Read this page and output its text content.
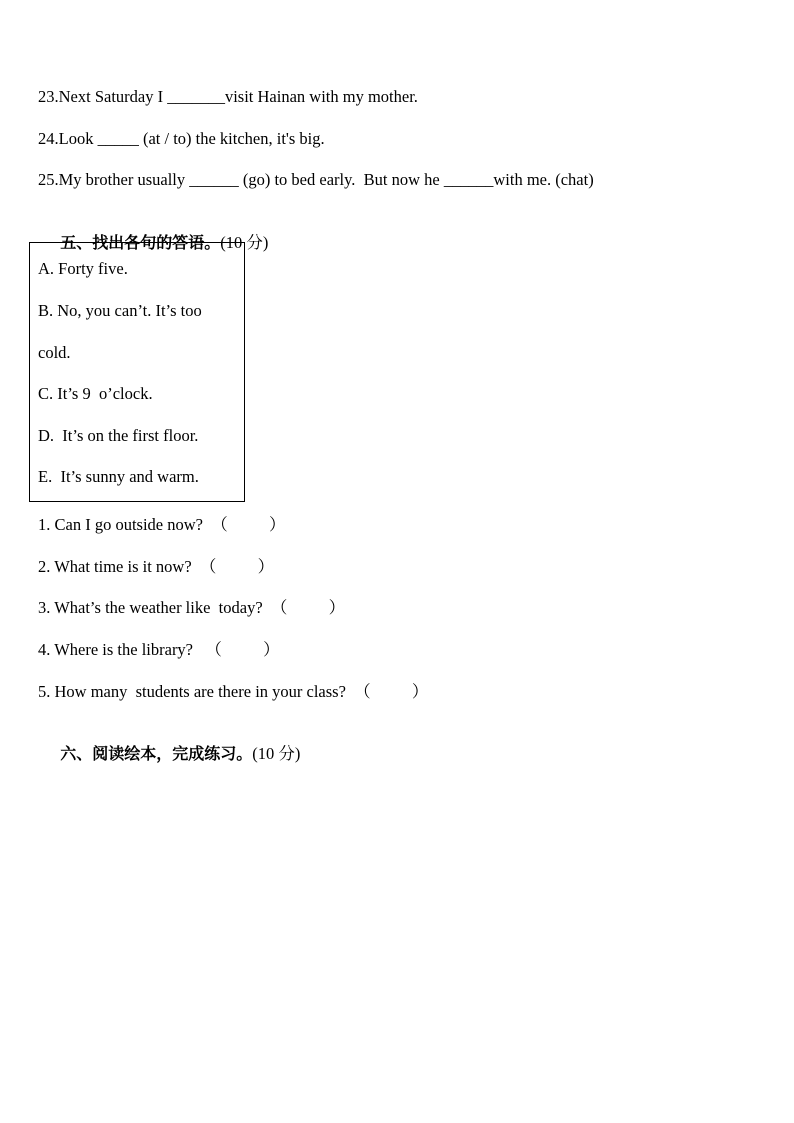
23.Next Saturday I _______visit Hainan with my mother.
24.Look _____ (at / to) the kitchen, it's big.
25.My brother usually ______ (go) to bed early.  But now he ______with me. (chat)

五、找出各句的答语。(10 分)

A. Forty five.
B. No, you can’t. It’s too
cold.
C. It’s 9  o’clock.
D.  It’s on the first floor.
E.  It’s sunny and warm.
1. Can I go outside now?  （          ）
2. What time is it now?  （          ）
3. What’s the weather like  today?  （          ）
4. Where is the library?   （          ）
5. How many  students are there in your class?  （          ）

六、阅读绘本，完成练习。(10 分)
